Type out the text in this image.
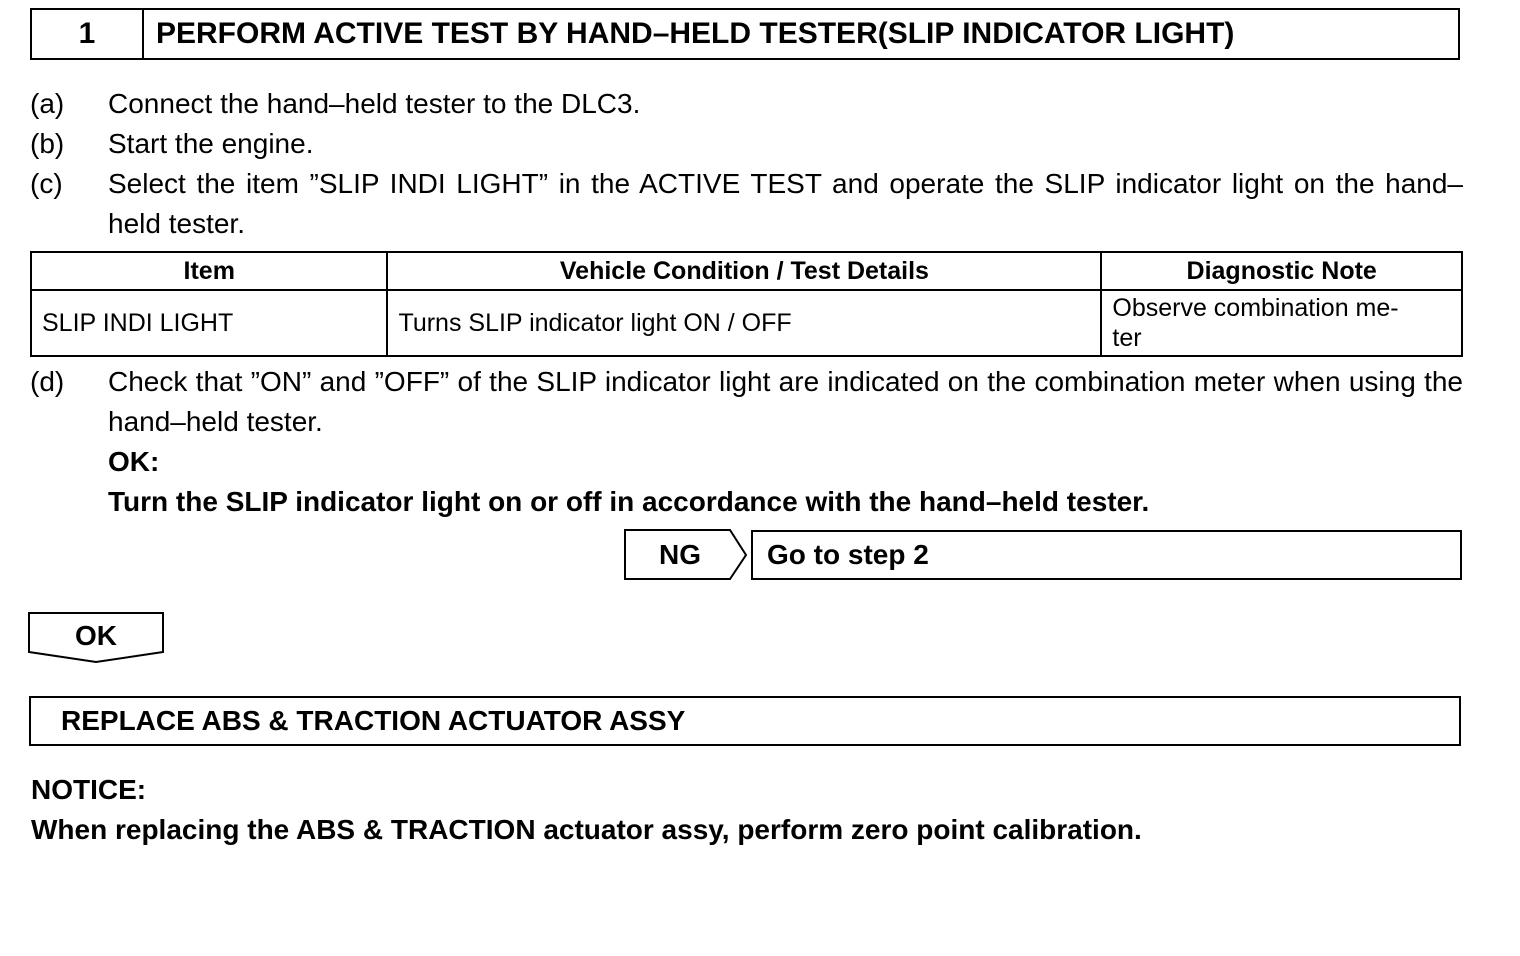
1	PERFORM ACTIVE TEST BY HAND–HELD TESTER(SLIP INDICATOR LIGHT)
(a) Connect the hand–held tester to the DLC3.
(b) Start the engine.
(c) Select the item ”SLIP INDI LIGHT” in the ACTIVE TEST and operate the SLIP indicator light on the hand–held tester.
Item	Vehicle Condition / Test Details	Diagnostic Note
SLIP INDI LIGHT	Turns SLIP indicator light ON / OFF	Observe combination me-
ter
(d) Check that ”ON” and ”OFF” of the SLIP indicator light are indicated on the combination meter when using the hand–held tester.
OK:
Turn the SLIP indicator light on or off in accordance with the hand–held tester.
NG	Go to step 2
OK
REPLACE ABS & TRACTION ACTUATOR ASSY
NOTICE:
When replacing the ABS & TRACTION actuator assy, perform zero point calibration.
